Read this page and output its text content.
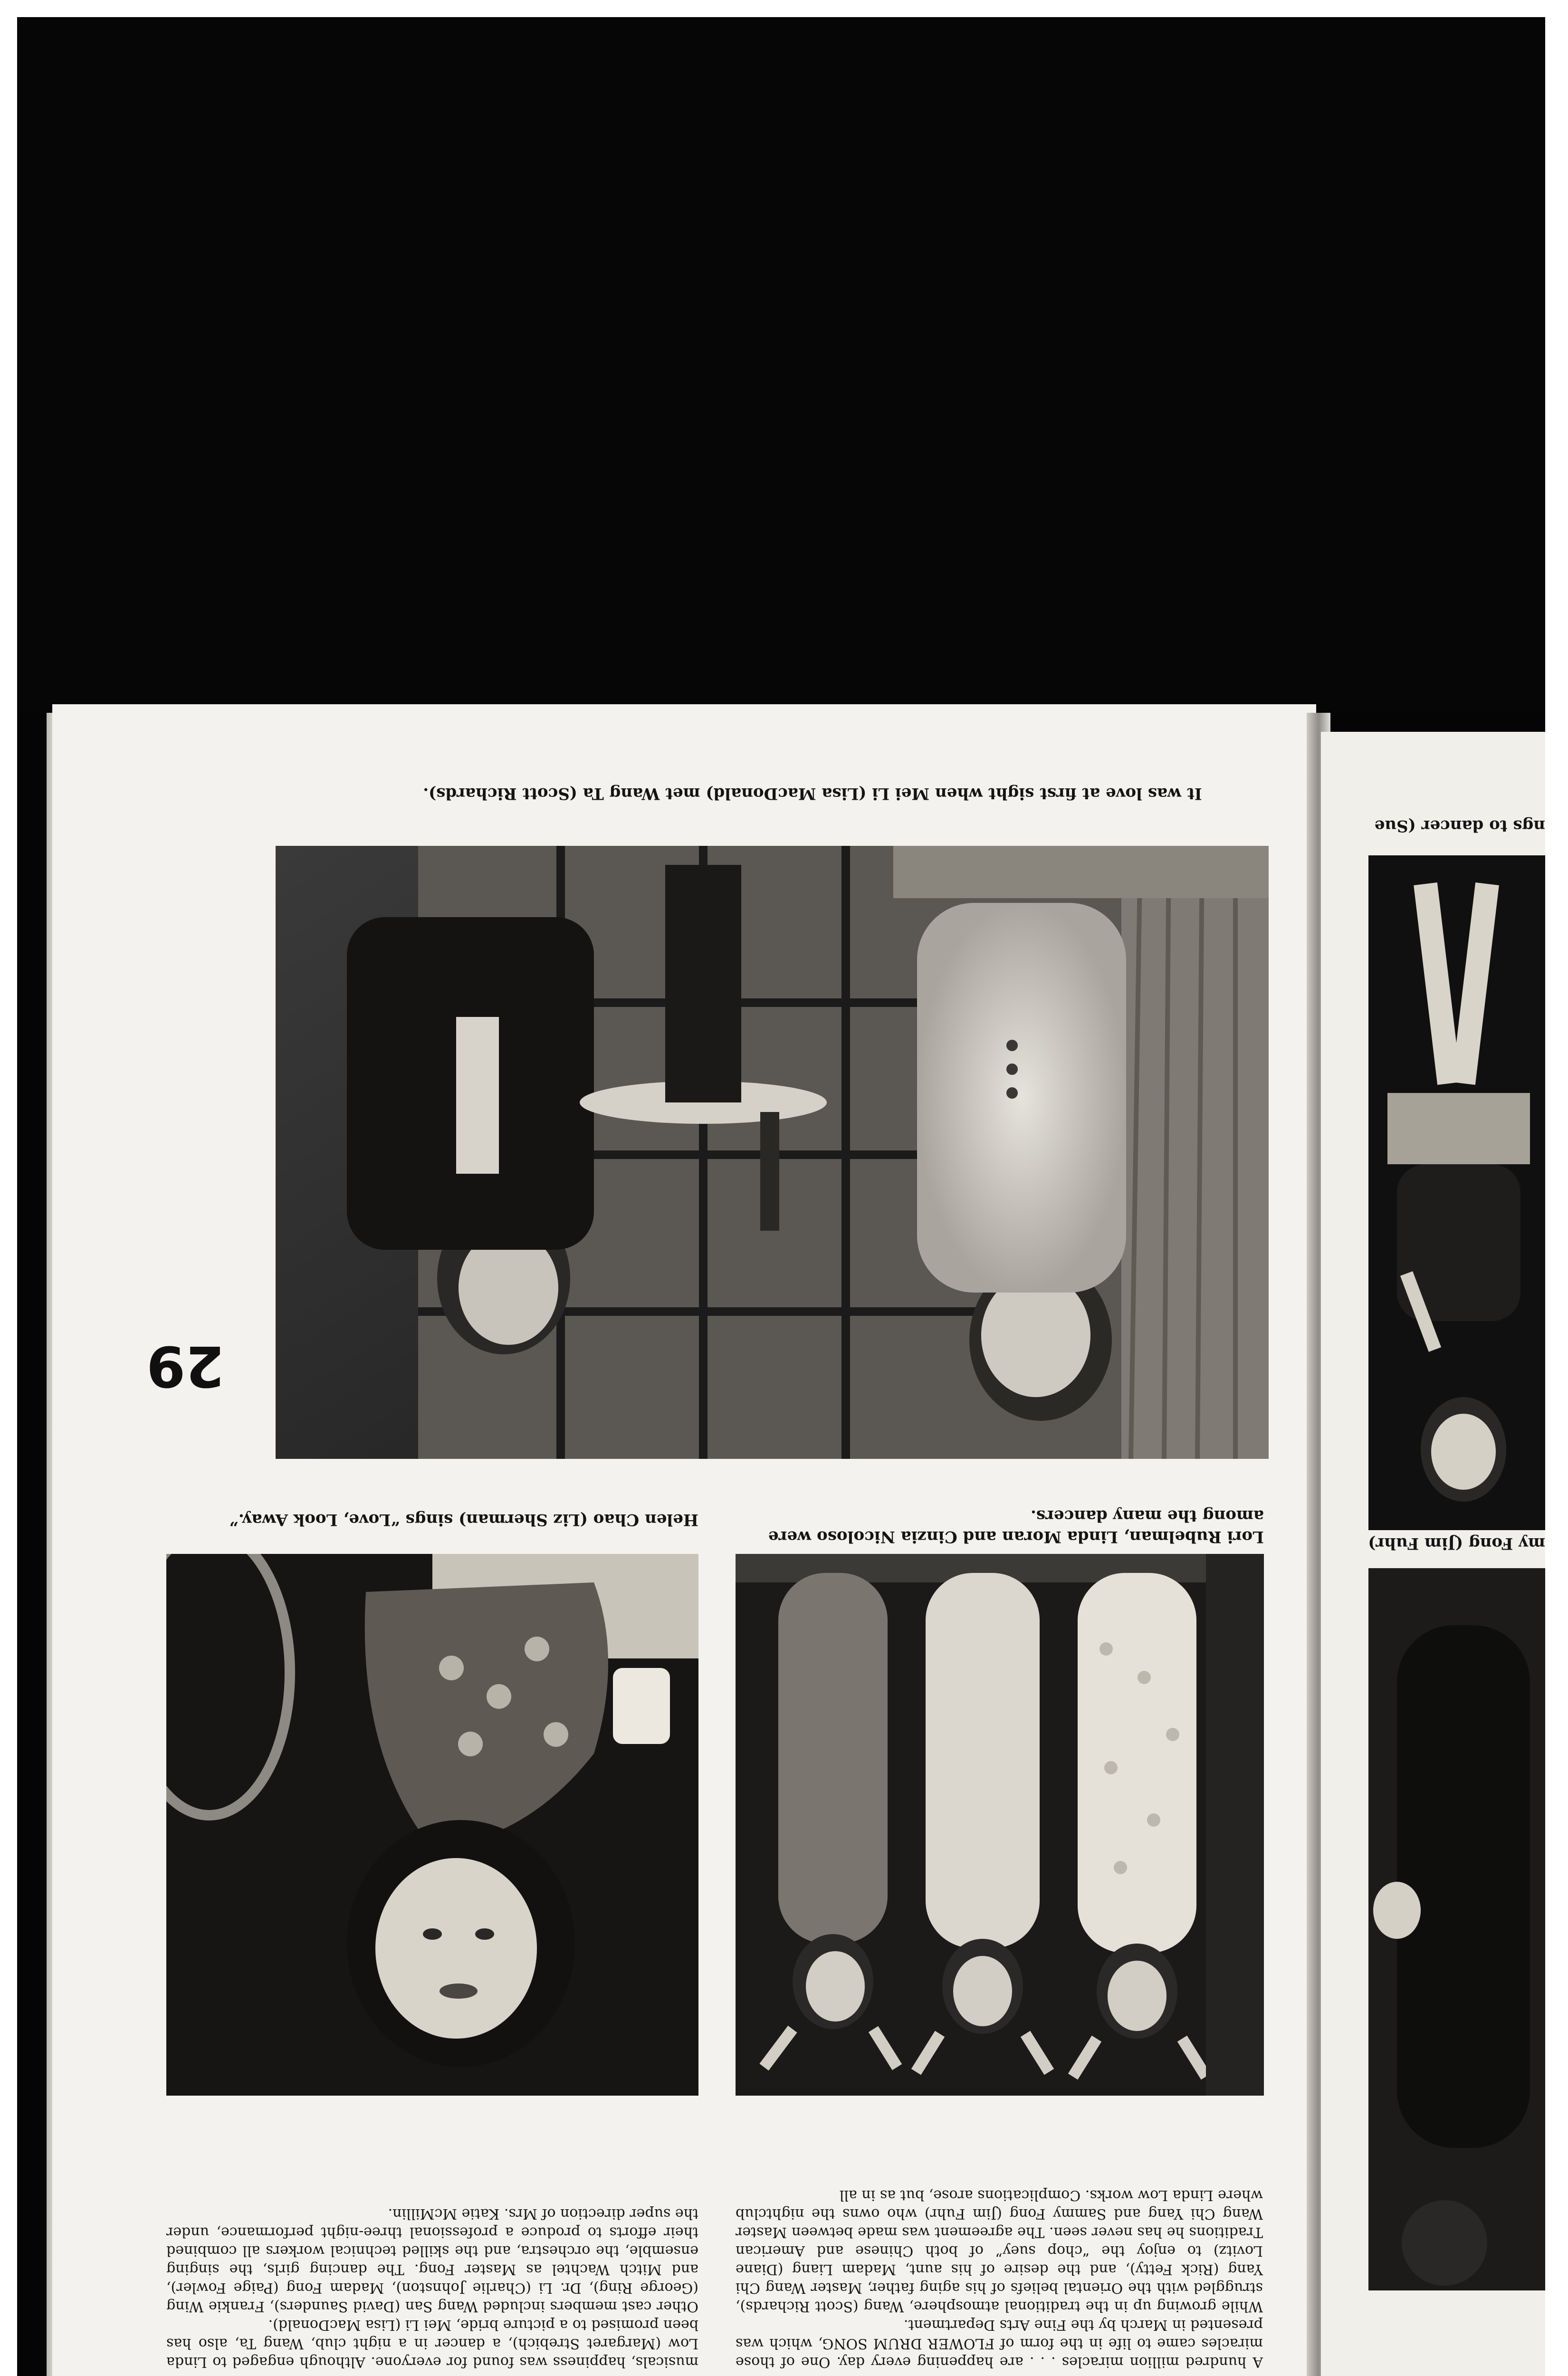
29
It was love at first sight when Mei Li (Lisa MacDonald) met Wang Ta (Scott Richards).
Lori Rubelman, Linda Moran and Cinzia Nicoloso were among the many dancers.
Helen Chao (Liz Sherman) sings “Love, Look Away.”

A hundred million miracles . . . are happening every day. One of those miracles came to life in the form of FLOWER DRUM SONG, which was presented in March by the Fine Arts Department.

While growing up in the traditional atmosphere, Wang (Scott Richards), struggled with the Oriental beliefs of his aging father, Master Wang Chi Yang (Rick Fetty), and the desire of his aunt, Madam Liang (Diane Lovitz) to enjoy the “chop suey” of both Chinese and American Traditions he has never seen. The agreement was made between Master Wang Chi Yang and Sammy Fong (Jim Fuhr) who owns the nightclub where Linda Low works. Complications arose, but as in all

musicals, happiness was found for everyone. Although engaged to Linda Low (Margaret Strebich), a dancer in a night club, Wang Ta, also has been promised to a picture bride, Mei Li (Lisa MacDonald).

Other cast members included Wang San (David Saunders), Frankie Wing (George Ring), Dr. Li (Charlie Johnston), Madam Fong (Paige Fowler), and Mitch Wachtel as Master Fong. The dancing girls, the singing ensemble, the orchestra, and the skilled technical workers all combined their efforts to produce a professional three-night performance, under the super direction of Mrs. Katie McMillin.

ngs to dancer (Sue
my Fong (Jim Fuhr)
